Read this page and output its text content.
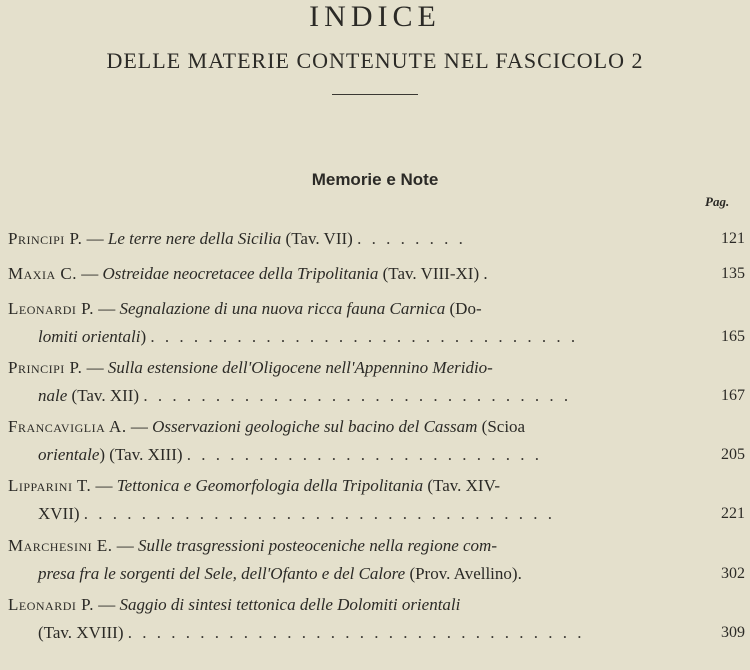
INDICE
DELLE MATERIE CONTENUTE NEL FASCICOLO 2
Memorie e Note
Pag.
Principi P. — Le terre nere della Sicilia (Tav. VII) . . . . . . . .	121
Maxia C. — Ostreidae neocretacee della Tripolitania (Tav. VIII-XI) .	135
Leonardi P. — Segnalazione di una nuova ricca fauna Carnica (Do-
lomiti orientali) . . . . . . . . . . . . . . . . . . . . . . . . . . . . . .	165
Principi P. — Sulla estensione dell'Oligocene nell'Appennino Meridio-
nale (Tav. XII) . . . . . . . . . . . . . . . . . . . . . . . . . . . . . .	167
Francaviglia A. — Osservazioni geologiche sul bacino del Cassam (Scioa
orientale) (Tav. XIII) . . . . . . . . . . . . . . . . . . . . . . . . .	205
Lipparini T. — Tettonica e Geomorfologia della Tripolitania (Tav. XIV-
XVII) . . . . . . . . . . . . . . . . . . . . . . . . . . . . . . . . .	221
Marchesini E. — Sulle trasgressioni posteoceniche nella regione com-
presa fra le sorgenti del Sele, dell'Ofanto e del Calore (Prov. Avellino).	302
Leonardi P. — Saggio di sintesi tettonica delle Dolomiti orientali
(Tav. XVIII) . . . . . . . . . . . . . . . . . . . . . . . . . . . . . . . .	309
